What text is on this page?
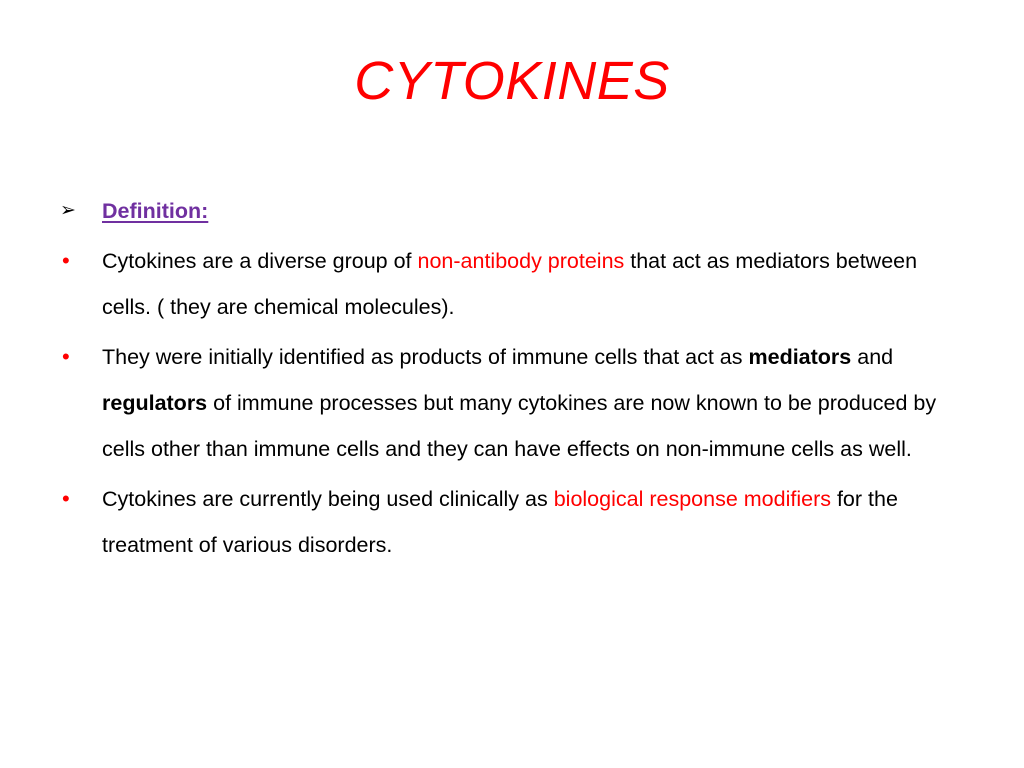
CYTOKINES
➢	Definition:
•	Cytokines are a diverse group of non-antibody proteins that act as mediators between cells. ( they are chemical molecules).
•	They were initially identified as products of immune cells that act as mediators and regulators of immune processes but many cytokines are now known to be produced by cells other than immune cells and they can have effects on non-immune cells as well.
•	Cytokines are currently being used clinically as biological response modifiers for the treatment of various disorders.
